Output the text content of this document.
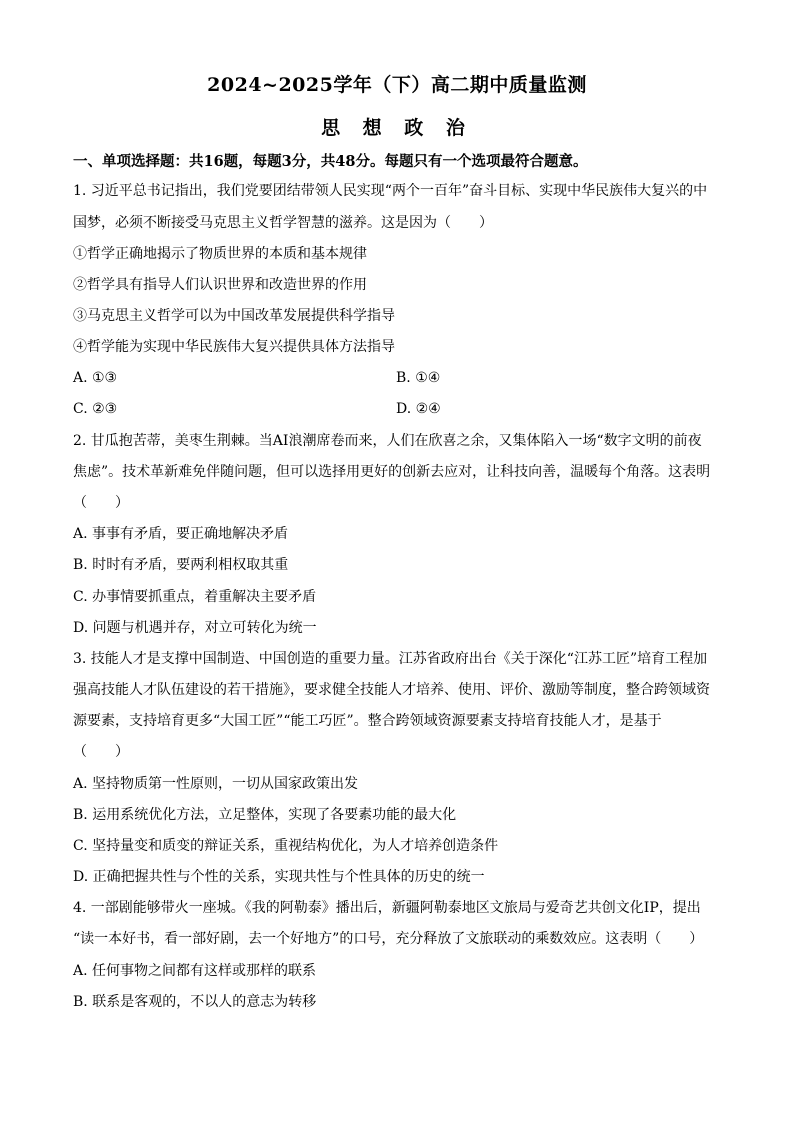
2024~2025学年（下）高二期中质量监测
思 想 政 治
一、单项选择题：共16题，每题3分，共48分。每题只有一个选项最符合题意。
1. 习近平总书记指出，我们党要团结带领人民实现“两个一百年”奋斗目标、实现中华民族伟大复兴的中
国梦，必须不断接受马克思主义哲学智慧的滋养。这是因为（　　）
①哲学正确地揭示了物质世界的本质和基本规律
②哲学具有指导人们认识世界和改造世界的作用
③马克思主义哲学可以为中国改革发展提供科学指导
④哲学能为实现中华民族伟大复兴提供具体方法指导
A. ①③	B. ①④
C. ②③	D. ②④
2. 甘瓜抱苦蒂，美枣生荆棘。当AI浪潮席卷而来，人们在欣喜之余，又集体陷入一场“数字文明的前夜
焦虑”。技术革新难免伴随问题，但可以选择用更好的创新去应对，让科技向善，温暖每个角落。这表明
（　　）
A. 事事有矛盾，要正确地解决矛盾
B. 时时有矛盾，要两利相权取其重
C. 办事情要抓重点，着重解决主要矛盾
D. 问题与机遇并存，对立可转化为统一
3. 技能人才是支撑中国制造、中国创造的重要力量。江苏省政府出台《关于深化“江苏工匠”培育工程加
强高技能人才队伍建设的若干措施》，要求健全技能人才培养、使用、评价、激励等制度，整合跨领域资
源要素，支持培育更多“大国工匠”“能工巧匠”。整合跨领域资源要素支持培育技能人才，是基于
（　　）
A. 坚持物质第一性原则，一切从国家政策出发
B. 运用系统优化方法，立足整体，实现了各要素功能的最大化
C. 坚持量变和质变的辩证关系，重视结构优化，为人才培养创造条件
D. 正确把握共性与个性的关系，实现共性与个性具体的历史的统一
4. 一部剧能够带火一座城。《我的阿勒泰》播出后，新疆阿勒泰地区文旅局与爱奇艺共创文化IP，提出
“读一本好书，看一部好剧，去一个好地方”的口号，充分释放了文旅联动的乘数效应。这表明（　　）
A. 任何事物之间都有这样或那样的联系
B. 联系是客观的，不以人的意志为转移
